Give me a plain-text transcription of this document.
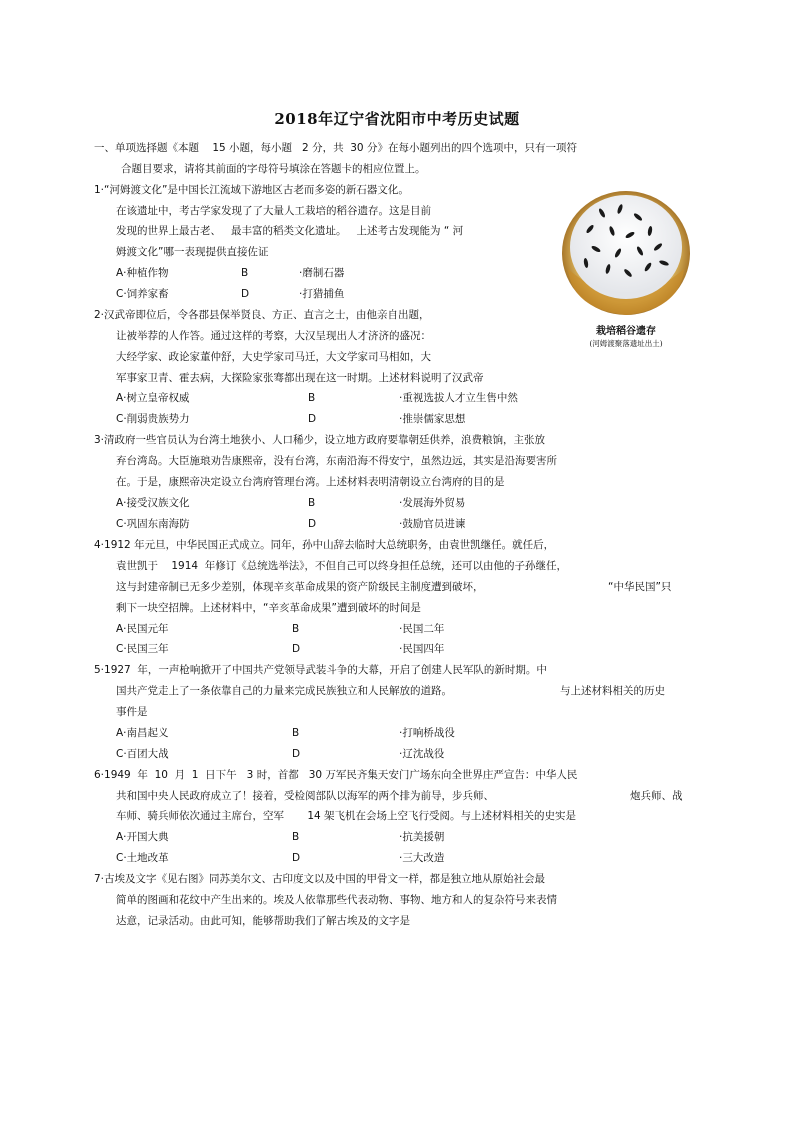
2018年辽宁省沈阳市中考历史试题
一、单项选择题《本题    15 小题，每小题   2 分，共  30 分》在每小题列出的四个选项中，只有一项符
合题目要求，请将其前面的字母符号填涂在答题卡的相应位置上。
1·“河姆渡文化”是中国长江流域下游地区古老而多姿的新石器文化。
在该遗址中，考古学家发现了了大量人工栽培的稻谷遗存。这是目前
发现的世界上最古老、   最丰富的稻类文化遗址。   上述考古发现能为 “ 河
姆渡文化”哪一表现提供直接佐证
A·种植作物	B	·磨制石器
C·饲养家畜	D	·打猎捕鱼
栽培稻谷遗存
(河姆渡聚落遗址出土)
2·汉武帝即位后，令各郡县保举贤良、方正、直言之士，由他亲自出题，
让被举荐的人作答。通过这样的考察，大汉呈现出人才济济的盛况：
大经学家、政论家董仲舒，大史学家司马迁，大文学家司马相如，大
军事家卫青、霍去病，大探险家张骞都出现在这一时期。上述材料说明了汉武帝
A·树立皇帝权威	B	·重视选拔人才立生售中然
C·削弱贵族势力	D	·推崇儒家思想
3·清政府一些官员认为台湾土地狭小、人口稀少，设立地方政府要靠朝廷供养，浪费粮饷，主张放
弃台湾岛。大臣施琅劝告康熙帝，没有台湾，东南沿海不得安宁，虽然边远，其实是沿海要害所
在。于是，康熙帝决定设立台湾府管理台湾。上述材料表明清朝设立台湾府的目的是
A·接受汉族文化	B	·发展海外贸易
C·巩固东南海防	D	·鼓励官员进谏
4·1912 年元旦，中华民国正式成立。同年，孙中山辞去临时大总统职务，由袁世凯继任。就任后，
袁世凯于    1914  年修订《总统选举法》，不但自己可以终身担任总统，还可以由他的子孙继任，
这与封建帝制已无多少差别，体现辛亥革命成果的资产阶级民主制度遭到破坏，	“中华民国”只
剩下一块空招牌。上述材料中，“辛亥革命成果”遭到破坏的时间是
A·民国元年	B	·民国二年
C·民国三年	D	·民国四年
5·1927  年，一声枪响掀开了中国共产党领导武装斗争的大幕，开启了创建人民军队的新时期。中
国共产党走上了一条依靠自己的力量来完成民族独立和人民解放的道路。	与上述材料相关的历史
事件是
A·南昌起义	B	·打响桥战役
C·百团大战	D	·辽沈战役
6·1949  年  10  月  1  日下午   3 时，首都   30 万军民齐集天安门广场东向全世界庄严宣告：中华人民
共和国中央人民政府成立了！接着，受检阅部队以海军的两个排为前导，步兵师、	炮兵师、战
车师、骑兵师依次通过主席台，空军       14 架飞机在会场上空飞行受阅。与上述材料相关的史实是
A·开国大典	B	·抗美援朝
C·土地改革	D	·三大改造
7·古埃及文字《见右图》同苏美尔文、古印度文以及中国的甲骨文一样，都是独立地从原始社会最
简单的图画和花纹中产生出来的。埃及人依靠那些代表动物、事物、地方和人的复杂符号来表情
达意，记录活动。由此可知，能够帮助我们了解古埃及的文字是
